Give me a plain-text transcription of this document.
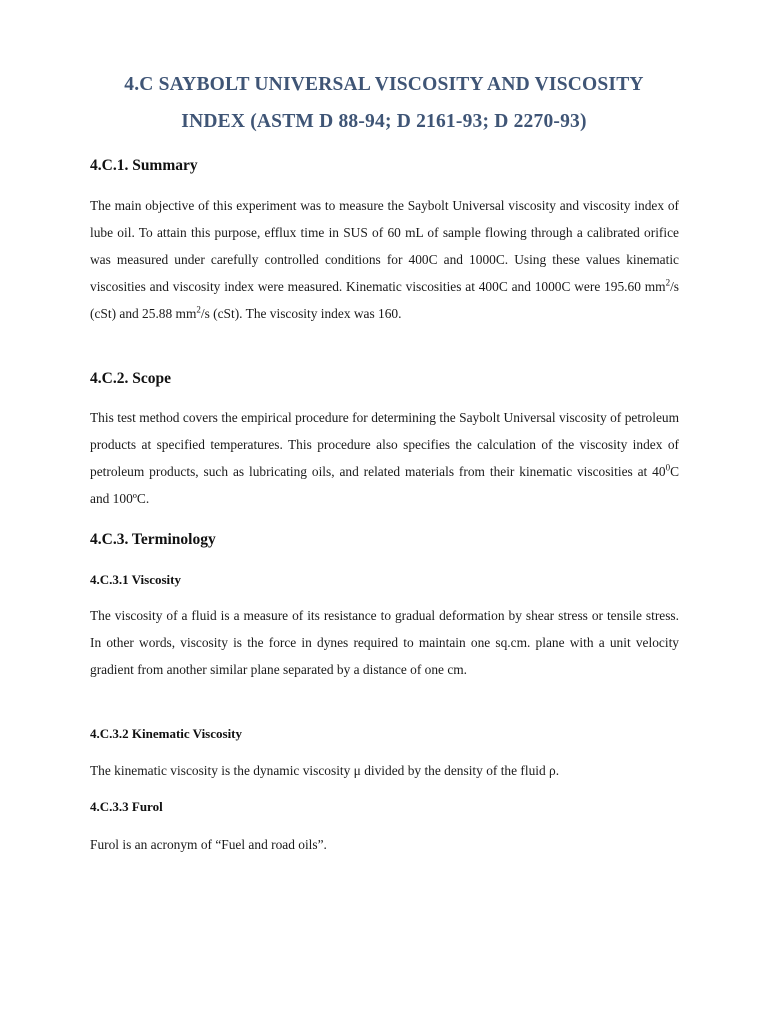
4.C SAYBOLT UNIVERSAL VISCOSITY AND VISCOSITY
INDEX (ASTM D 88-94; D 2161-93; D 2270-93)
4.C.1. Summary
The main objective of this experiment was to measure the Saybolt Universal viscosity and viscosity index of lube oil. To attain this purpose, efflux time in SUS of 60 mL of sample flowing through a calibrated orifice was measured under carefully controlled conditions for 400C and 1000C. Using these values kinematic viscosities and viscosity index were measured. Kinematic viscosities at 400C and 1000C were 195.60 $mm^2/s$ (cSt) and 25.88 $mm^2/s$ (cSt). The viscosity index was 160.
4.C.2. Scope
This test method covers the empirical procedure for determining the Saybolt Universal viscosity of petroleum products at specified temperatures. This procedure also specifies the calculation of the viscosity index of petroleum products, such as lubricating oils, and related materials from their kinematic viscosities at $40^0C$ and 100ºC.
4.C.3. Terminology
4.C.3.1 Viscosity
The viscosity of a fluid is a measure of its resistance to gradual deformation by shear stress or tensile stress. In other words, viscosity is the force in dynes required to maintain one sq.cm. plane with a unit velocity gradient from another similar plane separated by a distance of one cm.
4.C.3.2 Kinematic Viscosity
The kinematic viscosity is the dynamic viscosity μ divided by the density of the fluid ρ.
4.C.3.3 Furol
Furol is an acronym of “Fuel and road oils”.
